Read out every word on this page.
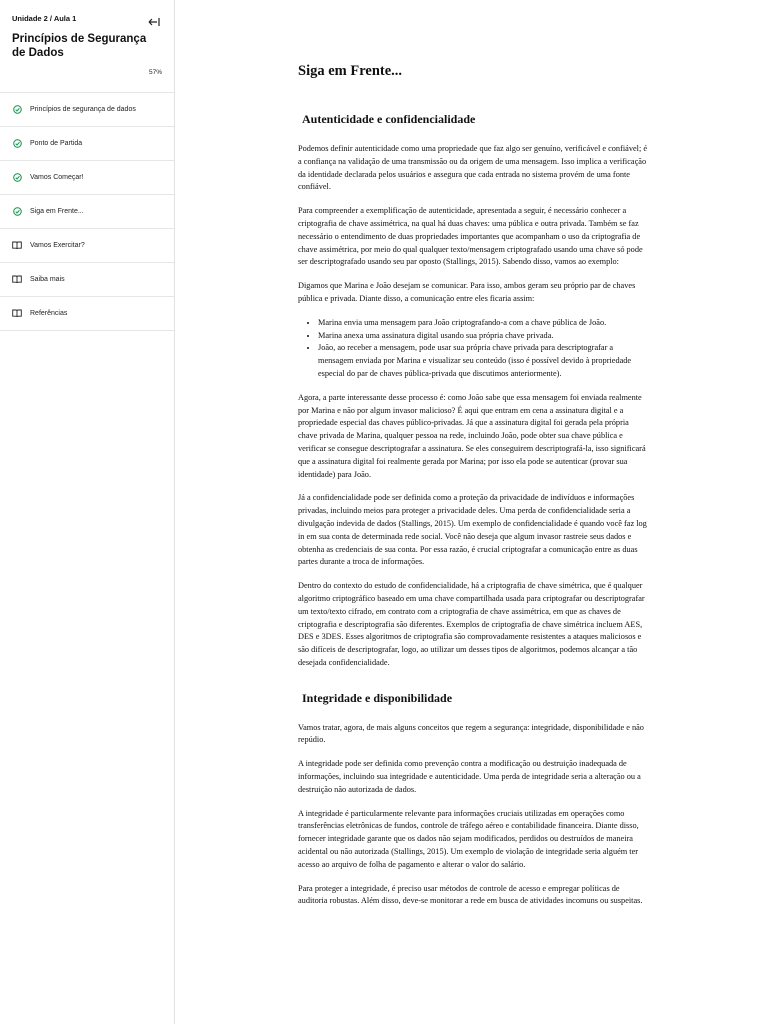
Unidade 2 / Aula 1
Princípios de Segurança de Dados
57%
Princípios de segurança de dados
Ponto de Partida
Vamos Começar!
Siga em Frente...
Vamos Exercitar?
Saiba mais
Referências
Siga em Frente...
Autenticidade e confidencialidade

Podemos definir autenticidade como uma propriedade que faz algo ser genuíno, verificável e confiável; é a confiança na validação de uma transmissão ou da origem de uma mensagem. Isso implica a verificação da identidade declarada pelos usuários e assegura que cada entrada no sistema provém de uma fonte confiável.

Para compreender a exemplificação de autenticidade, apresentada a seguir, é necessário conhecer a criptografia de chave assimétrica, na qual há duas chaves: uma pública e outra privada. Também se faz necessário o entendimento de duas propriedades importantes que acompanham o uso da criptografia de chave assimétrica, por meio do qual qualquer texto/mensagem criptografado usando uma chave só pode ser descriptografado usando seu par oposto (Stallings, 2015). Sabendo disso, vamos ao exemplo:

Digamos que Marina e João desejam se comunicar. Para isso, ambos geram seu próprio par de chaves pública e privada. Diante disso, a comunicação entre eles ficaria assim:

• Marina envia uma mensagem para João criptografando-a com a chave pública de João.
• Marina anexa uma assinatura digital usando sua própria chave privada.
• João, ao receber a mensagem, pode usar sua própria chave privada para descriptografar a mensagem enviada por Marina e visualizar seu conteúdo (isso é possível devido à propriedade especial do par de chaves pública-privada que discutimos anteriormente).

Agora, a parte interessante desse processo é: como João sabe que essa mensagem foi enviada realmente por Marina e não por algum invasor malicioso? É aqui que entram em cena a assinatura digital e a propriedade especial das chaves público-privadas. Já que a assinatura digital foi gerada pela própria chave privada de Marina, qualquer pessoa na rede, incluindo João, pode obter sua chave pública e verificar se consegue descriptografar a assinatura. Se eles conseguirem descriptografá-la, isso significará que a assinatura digital foi realmente gerada por Marina; por isso ela pode se autenticar (provar sua identidade) para João.

Já a confidencialidade pode ser definida como a proteção da privacidade de indivíduos e informações privadas, incluindo meios para proteger a privacidade deles. Uma perda de confidencialidade seria a divulgação indevida de dados (Stallings, 2015). Um exemplo de confidencialidade é quando você faz log in em sua conta de determinada rede social. Você não deseja que algum invasor rastreie seus dados e obtenha as credenciais de sua conta. Por essa razão, é crucial criptografar a comunicação entre as duas partes durante a troca de informações.

Dentro do contexto do estudo de confidencialidade, há a criptografia de chave simétrica, que é qualquer algoritmo criptográfico baseado em uma chave compartilhada usada para criptografar ou descriptografar um texto/texto cifrado, em contrato com a criptografia de chave assimétrica, em que as chaves de criptografia e descriptografia são diferentes. Exemplos de criptografia de chave simétrica incluem AES, DES e 3DES. Esses algoritmos de criptografia são comprovadamente resistentes a ataques maliciosos e são difíceis de descriptografar, logo, ao utilizar um desses tipos de algoritmos, podemos alcançar a tão desejada confidencialidade.

Integridade e disponibilidade

Vamos tratar, agora, de mais alguns conceitos que regem a segurança: integridade, disponibilidade e não repúdio.

A integridade pode ser definida como prevenção contra a modificação ou destruição inadequada de informações, incluindo sua integridade e autenticidade. Uma perda de integridade seria a alteração ou a destruição não autorizada de dados.

A integridade é particularmente relevante para informações cruciais utilizadas em operações como transferências eletrônicas de fundos, controle de tráfego aéreo e contabilidade financeira. Diante disso, fornecer integridade garante que os dados não sejam modificados, perdidos ou destruídos de maneira acidental ou não autorizada (Stallings, 2015). Um exemplo de violação de integridade seria alguém ter acesso ao arquivo de folha de pagamento e alterar o valor do salário.

Para proteger a integridade, é preciso usar métodos de controle de acesso e empregar políticas de auditoria robustas. Além disso, deve-se monitorar a rede em busca de atividades incomuns ou suspeitas.
